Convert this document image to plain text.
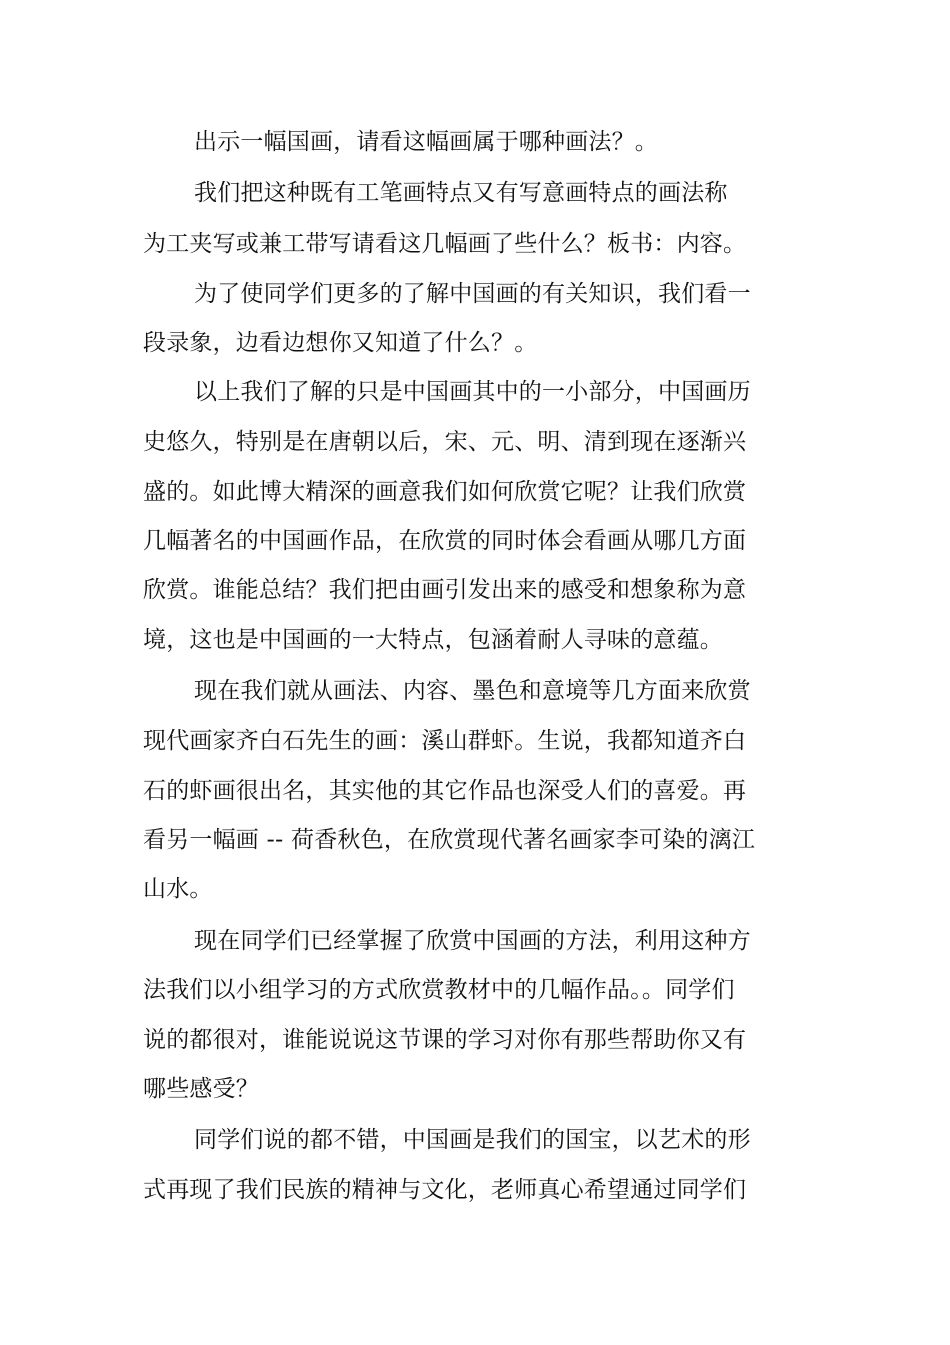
出示一幅国画，请看这幅画属于哪种画法？。
我们把这种既有工笔画特点又有写意画特点的画法称
为工夹写或兼工带写请看这几幅画了些什么？板书：内容。
为了使同学们更多的了解中国画的有关知识，我们看一
段录象，边看边想你又知道了什么？。
以上我们了解的只是中国画其中的一小部分，中国画历
史悠久，特别是在唐朝以后，宋、元、明、清到现在逐渐兴
盛的。如此博大精深的画意我们如何欣赏它呢？让我们欣赏
几幅著名的中国画作品，在欣赏的同时体会看画从哪几方面
欣赏。谁能总结？我们把由画引发出来的感受和想象称为意
境，这也是中国画的一大特点，包涵着耐人寻味的意蕴。
现在我们就从画法、内容、墨色和意境等几方面来欣赏
现代画家齐白石先生的画：溪山群虾。生说，我都知道齐白
石的虾画很出名，其实他的其它作品也深受人们的喜爱。再
看另一幅画 -- 荷香秋色，在欣赏现代著名画家李可染的漓江
山水。
现在同学们已经掌握了欣赏中国画的方法，利用这种方
法我们以小组学习的方式欣赏教材中的几幅作品。。同学们
说的都很对，谁能说说这节课的学习对你有那些帮助你又有
哪些感受？
同学们说的都不错，中国画是我们的国宝，以艺术的形
式再现了我们民族的精神与文化，老师真心希望通过同学们
